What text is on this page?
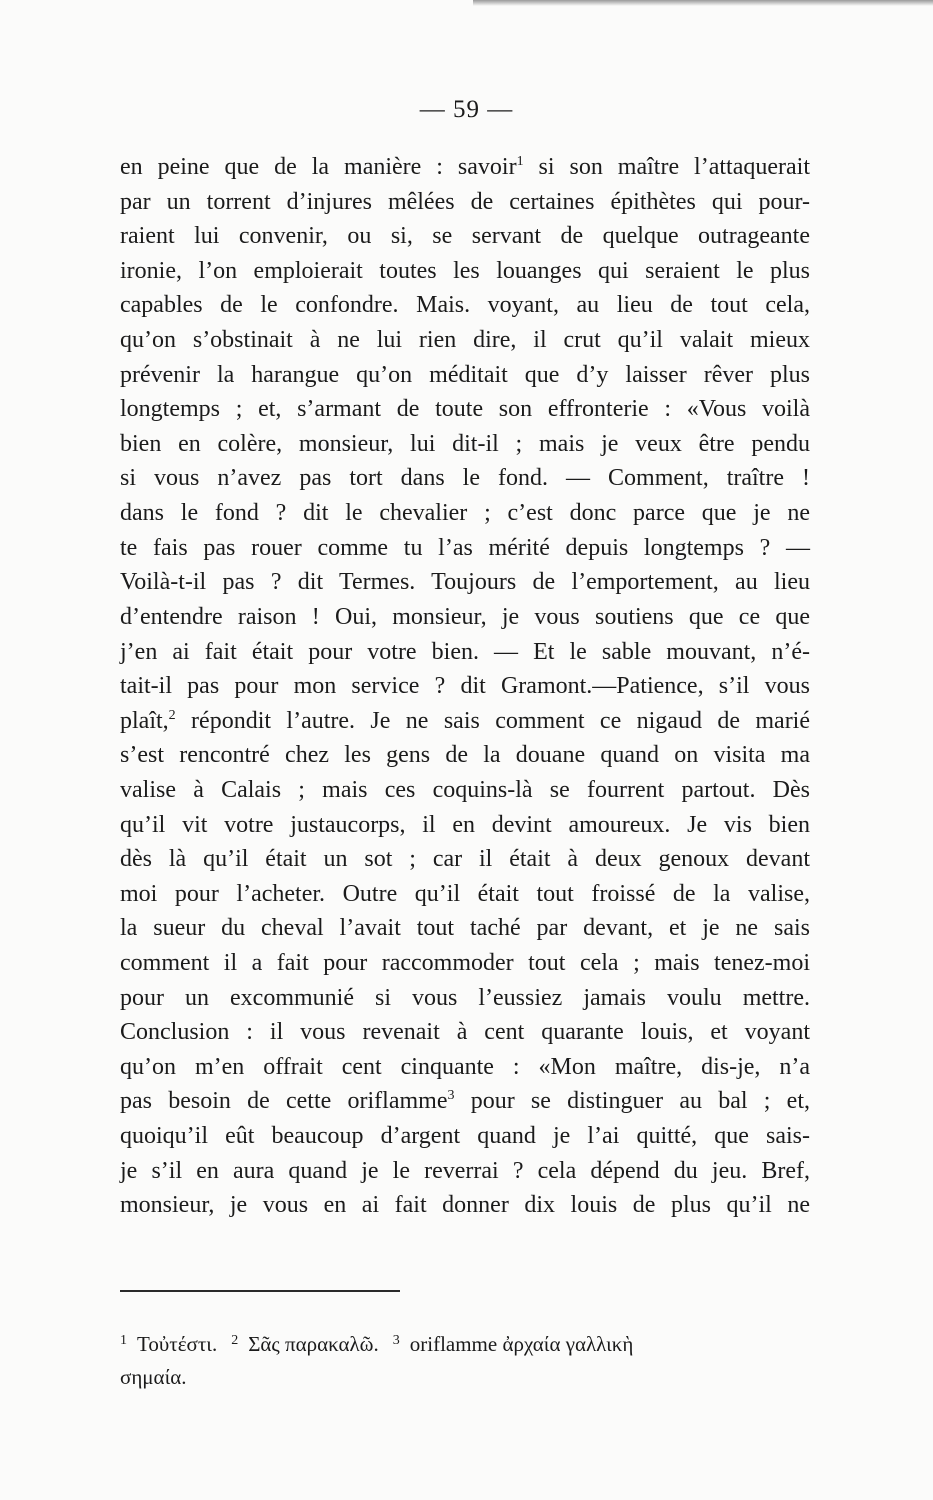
— 59 —
en peine que de la manière : savoir$^1$ si son maître l’attaquerait
par un torrent d’injures mêlées de certaines épithètes qui pour-
raient lui convenir, ou si, se servant de quelque outrageante
ironie, l’on emploierait toutes les louanges qui seraient le plus
capables de le confondre. Mais. voyant, au lieu de tout cela,
qu’on s’obstinait à ne lui rien dire, il crut qu’il valait mieux
prévenir la harangue qu’on méditait que d’y laisser rêver plus
longtemps ; et, s’armant de toute son effronterie : «Vous voilà
bien en colère, monsieur, lui dit-il ; mais je veux être pendu
si vous n’avez pas tort dans le fond. — Comment, traître !
dans le fond ? dit le chevalier ; c’est donc parce que je ne
te fais pas rouer comme tu l’as mérité depuis longtemps ? —
Voilà-t-il pas ? dit Termes. Toujours de l’emportement, au lieu
d’entendre raison ! Oui, monsieur, je vous soutiens que ce que
j’en ai fait était pour votre bien. — Et le sable mouvant, n’é-
tait-il pas pour mon service ? dit Gramont.—Patience, s’il vous
plaît,$^2$ répondit l’autre. Je ne sais comment ce nigaud de marié
s’est rencontré chez les gens de la douane quand on visita ma
valise à Calais ; mais ces coquins-là se fourrent partout. Dès
qu’il vit votre justaucorps, il en devint amoureux. Je vis bien
dès là qu’il était un sot ; car il était à deux genoux devant
moi pour l’acheter. Outre qu’il était tout froissé de la valise,
la sueur du cheval l’avait tout taché par devant, et je ne sais
comment il a fait pour raccommoder tout cela ; mais tenez-moi
pour un excommunié si vous l’eussiez jamais voulu mettre.
Conclusion : il vous revenait à cent quarante louis, et voyant
qu’on m’en offrait cent cinquante : «Mon maître, dis-je, n’a
pas besoin de cette oriflamme$^3$ pour se distinguer au bal ; et,
quoiqu’il eût beaucoup d’argent quand je l’ai quitté, que sais-
je s’il en aura quand je le reverrai ? cela dépend du jeu. Bref,
monsieur, je vous en ai fait donner dix louis de plus qu’il ne
$^1$ Τοὐτέστι. $^2$ Σᾶς παρακαλῶ. $^3$ oriflamme ἀρχαία γαλλικὴ
σημαία.
